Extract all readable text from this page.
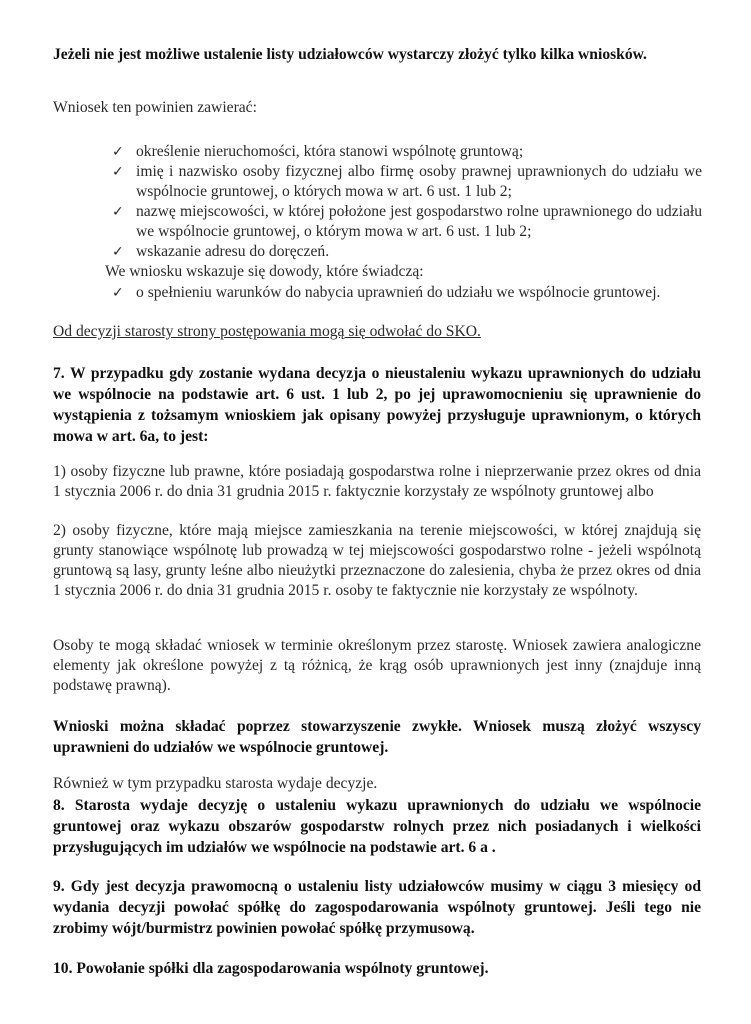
Jeżeli nie jest możliwe ustalenie listy udziałowców wystarczy złożyć tylko kilka wniosków.
Wniosek ten powinien zawierać:
✓ określenie nieruchomości, która stanowi wspólnotę gruntową;
✓ imię i nazwisko osoby fizycznej albo firmę osoby prawnej uprawnionych do udziału we wspólnocie gruntowej, o których mowa w art. 6 ust. 1 lub 2;
✓ nazwę miejscowości, w której położone jest gospodarstwo rolne uprawnionego do udziału we wspólnocie gruntowej, o którym mowa w art. 6 ust. 1 lub 2;
✓ wskazanie adresu do doręczeń.
We wniosku wskazuje się dowody, które świadczą:
✓ o spełnieniu warunków do nabycia uprawnień do udziału we wspólnocie gruntowej.
Od decyzji starosty strony postępowania mogą się odwołać do SKO.
7. W przypadku gdy zostanie wydana decyzja o nieustaleniu wykazu uprawnionych do udziału we wspólnocie na podstawie art. 6 ust. 1 lub 2, po jej uprawomocnieniu się uprawnienie do wystąpienia z tożsamym wnioskiem jak opisany powyżej przysługuje uprawnionym, o których mowa w art. 6a, to jest:
1) osoby fizyczne lub prawne, które posiadają gospodarstwa rolne i nieprzerwanie przez okres od dnia 1 stycznia 2006 r. do dnia 31 grudnia 2015 r. faktycznie korzystały ze wspólnoty gruntowej albo
2) osoby fizyczne, które mają miejsce zamieszkania na terenie miejscowości, w której znajdują się grunty stanowiące wspólnotę lub prowadzą w tej miejscowości gospodarstwo rolne - jeżeli wspólnotą gruntową są lasy, grunty leśne albo nieużytki przeznaczone do zalesienia, chyba że przez okres od dnia 1 stycznia 2006 r. do dnia 31 grudnia 2015 r. osoby te faktycznie nie korzystały ze wspólnoty.
Osoby te mogą składać wniosek w terminie określonym przez starostę. Wniosek zawiera analogiczne elementy jak określone powyżej z tą różnicą, że krąg osób uprawnionych jest inny (znajduje inną podstawę prawną).
Wnioski można składać poprzez stowarzyszenie zwykłe. Wniosek muszą złożyć wszyscy uprawnieni do udziałów we wspólnocie gruntowej.
Również w tym przypadku starosta wydaje decyzje.
8. Starosta wydaje decyzję o ustaleniu wykazu uprawnionych do udziału we wspólnocie gruntowej oraz wykazu obszarów gospodarstw rolnych przez nich posiadanych i wielkości przysługujących im udziałów we wspólnocie na podstawie art. 6 a .
9. Gdy jest decyzja prawomocną o ustaleniu listy udziałowców musimy w ciągu 3 miesięcy od wydania decyzji powołać spółkę do zagospodarowania wspólnoty gruntowej. Jeśli tego nie zrobimy wójt/burmistrz powinien powołać spółkę przymusową.
10. Powołanie spółki dla zagospodarowania wspólnoty gruntowej.
